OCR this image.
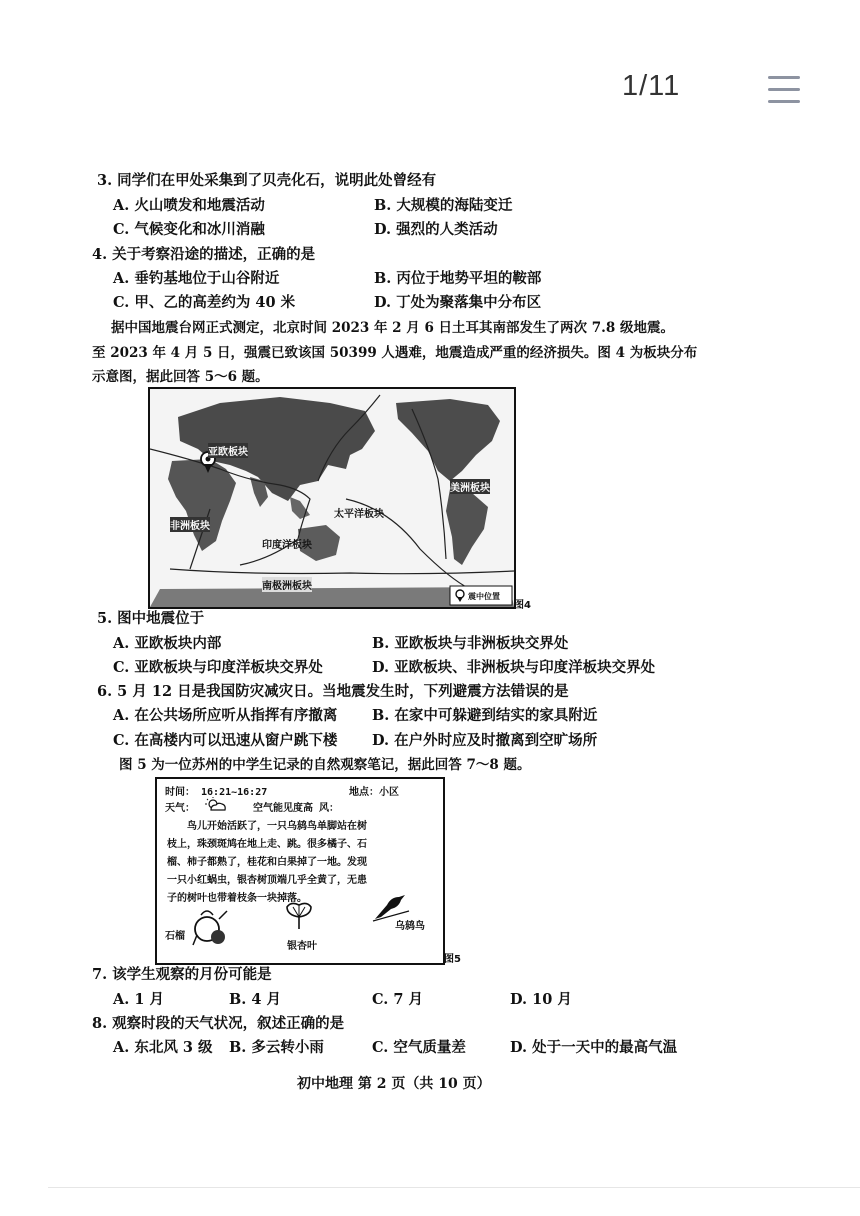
1/11
3. 同学们在甲处采集到了贝壳化石，说明此处曾经有
A. 火山喷发和地震活动	B. 大规模的海陆变迁
C. 气候变化和冰川消融	D. 强烈的人类活动
4. 关于考察沿途的描述，正确的是
A. 垂钓基地位于山谷附近	B. 丙位于地势平坦的鞍部
C. 甲、乙的高差约为 40 米	D. 丁处为聚落集中分布区
据中国地震台网正式测定，北京时间 2023 年 2 月 6 日土耳其南部发生了两次 7.8 级地震。
至 2023 年 4 月 5 日，强震已致该国 50399 人遇难，地震造成严重的经济损失。图 4 为板块分布
示意图，据此回答 5～6 题。
亚欧板块
美洲板块
非洲板块
太平洋板块
印度洋板块
南极洲板块
震中位置
图4
5. 图中地震位于
A. 亚欧板块内部	B. 亚欧板块与非洲板块交界处
C. 亚欧板块与印度洋板块交界处	D. 亚欧板块、非洲板块与印度洋板块交界处
6. 5 月 12 日是我国防灾减灾日。当地震发生时，下列避震方法错误的是
A. 在公共场所应听从指挥有序撤离 B. 在家中可躲避到结实的家具附近
C. 在高楼内可以迅速从窗户跳下楼 D. 在户外时应及时撤离到空旷场所
图 5 为一位苏州的中学生记录的自然观察笔记，据此回答 7～8 题。
时间： 16:21~16:27	地点：小区
天气：	空气能见度高 风：
鸟儿开始活跃了，一只乌鸫鸟单脚站在树
枝上，珠颈斑鸠在地上走、跳。很多橘子、石
榴、柿子都熟了，桂花和白果掉了一地。发现
一只小红蜗虫，银杏树顶端几乎全黄了，无患
子的树叶也带着枝条一块掉落。
石榴
银杏叶
乌鸫鸟
图5
7. 该学生观察的月份可能是
A. 1 月	B. 4 月	C. 7 月	D. 10 月
8. 观察时段的天气状况，叙述正确的是
A. 东北风 3 级 B. 多云转小雨	C. 空气质量差	D. 处于一天中的最高气温
初中地理 第 2 页（共 10 页）
